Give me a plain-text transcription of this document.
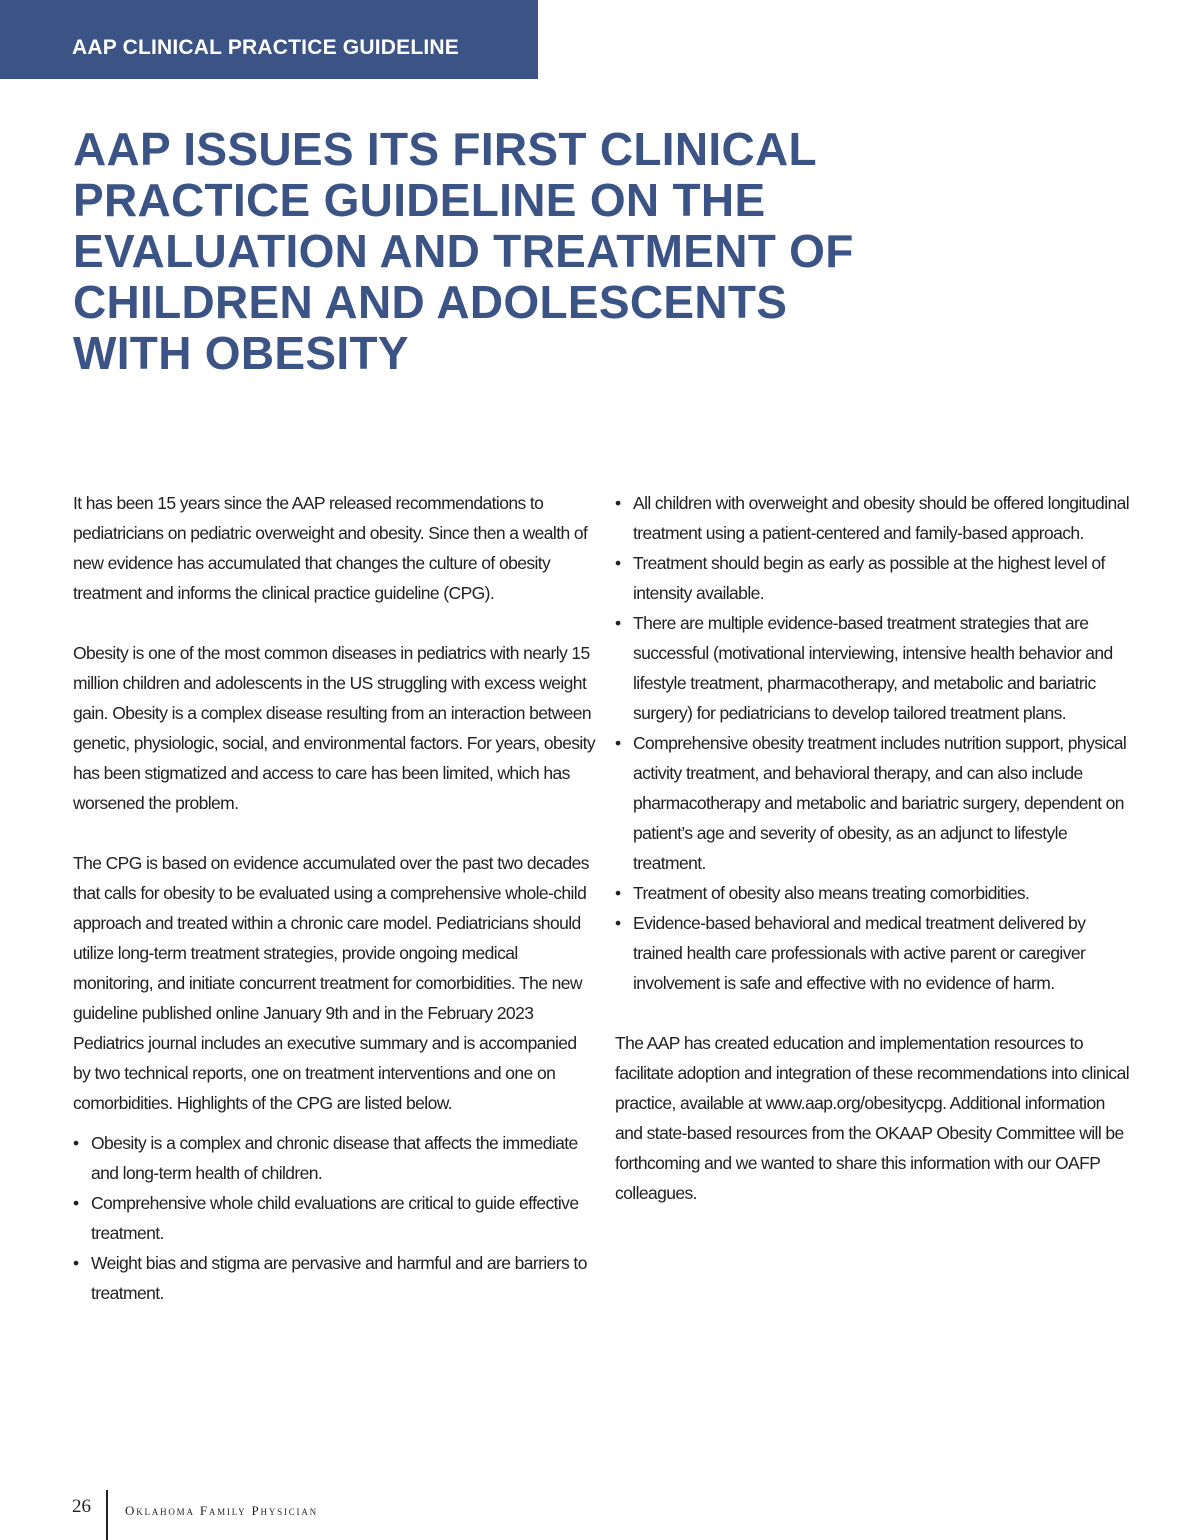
AAP CLINICAL PRACTICE GUIDELINE
AAP ISSUES ITS FIRST CLINICAL
PRACTICE GUIDELINE ON THE
EVALUATION AND TREATMENT OF
CHILDREN AND ADOLESCENTS
WITH OBESITY

It has been 15 years since the AAP released recommendations to pediatricians on pediatric overweight and obesity. Since then a wealth of new evidence has accumulated that changes the culture of obesity treatment and informs the clinical practice guideline (CPG).

Obesity is one of the most common diseases in pediatrics with nearly 15 million children and adolescents in the US struggling with excess weight gain. Obesity is a complex disease resulting from an interaction between genetic, physiologic, social, and environmental factors. For years, obesity has been stigmatized and access to care has been limited, which has worsened the problem.

The CPG is based on evidence accumulated over the past two decades that calls for obesity to be evaluated using a comprehensive whole-child approach and treated within a chronic care model. Pediatricians should utilize long-term treatment strategies, provide ongoing medical monitoring, and initiate concurrent treatment for comorbidities. The new guideline published online January 9th and in the February 2023 Pediatrics journal includes an executive summary and is accompanied by two technical reports, one on treatment interventions and one on comorbidities. Highlights of the CPG are listed below.

• Obesity is a complex and chronic disease that affects the immediate and long-term health of children.
• Comprehensive whole child evaluations are critical to guide effective treatment.
• Weight bias and stigma are pervasive and harmful and are barriers to treatment.
• All children with overweight and obesity should be offered longitudinal treatment using a patient-centered and family-based approach.
• Treatment should begin as early as possible at the highest level of intensity available.
• There are multiple evidence-based treatment strategies that are successful (motivational interviewing, intensive health behavior and lifestyle treatment, pharmacotherapy, and metabolic and bariatric surgery) for pediatricians to develop tailored treatment plans.
• Comprehensive obesity treatment includes nutrition support, physical activity treatment, and behavioral therapy, and can also include pharmacotherapy and metabolic and bariatric surgery, dependent on patient’s age and severity of obesity, as an adjunct to lifestyle treatment.
• Treatment of obesity also means treating comorbidities.
• Evidence-based behavioral and medical treatment delivered by trained health care professionals with active parent or caregiver involvement is safe and effective with no evidence of harm.

The AAP has created education and implementation resources to facilitate adoption and integration of these recommendations into clinical practice, available at www.aap.org/obesitycpg. Additional information and state-based resources from the OKAAP Obesity Committee will be forthcoming and we wanted to share this information with our OAFP colleagues.

26	Oklahoma Family Physician
